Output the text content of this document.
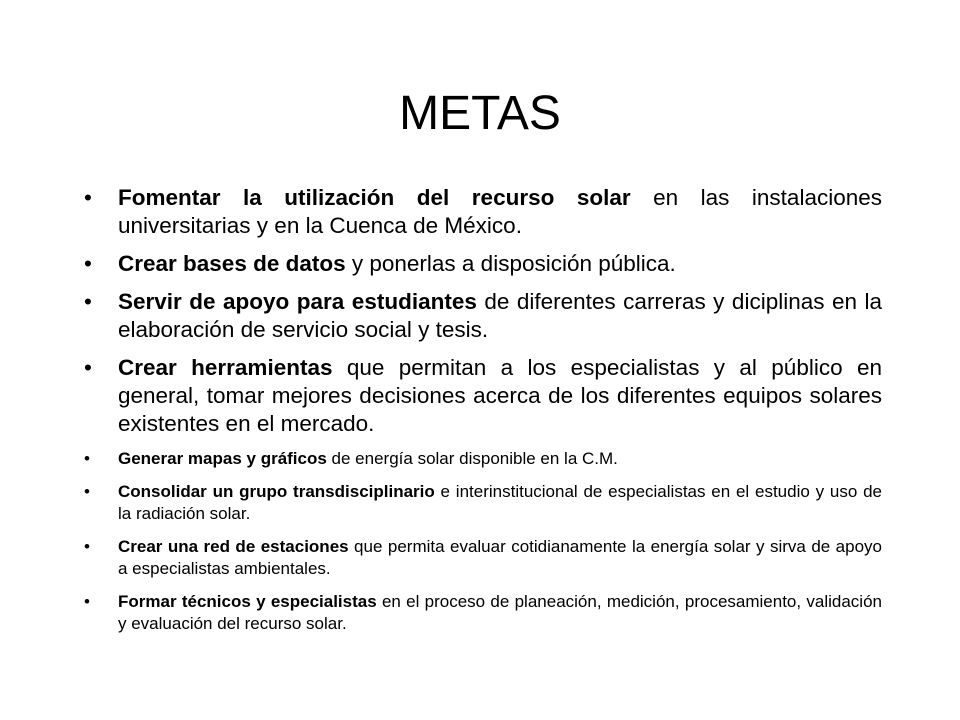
METAS
• Fomentar la utilización del recurso solar en las instalaciones universitarias y en la Cuenca de México.
• Crear bases de datos y ponerlas a disposición pública.
• Servir de apoyo para estudiantes de diferentes carreras y diciplinas en la elaboración de servicio social y tesis.
• Crear herramientas que permitan a los especialistas y al público en general, tomar mejores decisiones acerca de los diferentes equipos solares existentes en el mercado.
• Generar mapas y gráficos de energía solar disponible en la C.M.
• Consolidar un grupo transdisciplinario e interinstitucional de especialistas en el estudio y uso de la radiación solar.
• Crear una red de estaciones que permita evaluar cotidianamente la energía solar y sirva de apoyo a especialistas ambientales.
• Formar técnicos y especialistas en el proceso de planeación, medición, procesamiento, validación y evaluación del recurso solar.
